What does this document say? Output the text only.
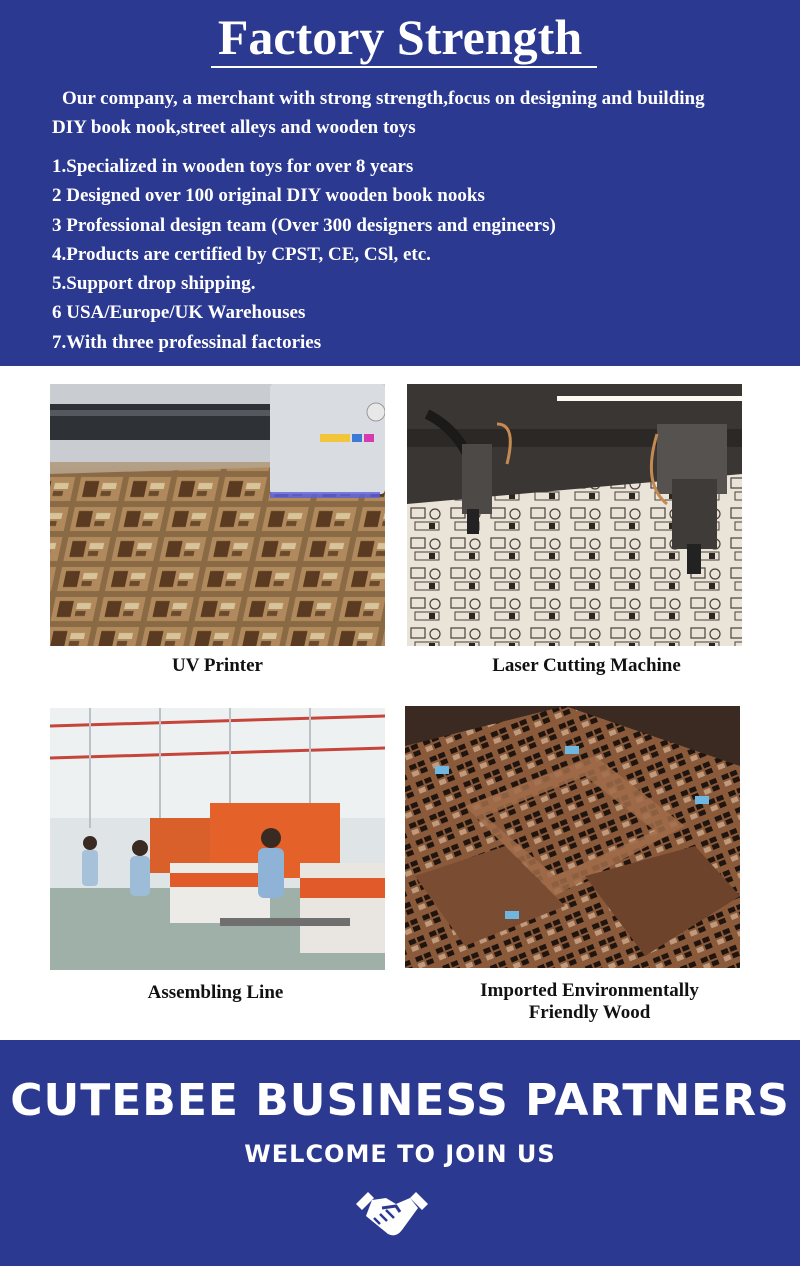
Factory Strength

Our company, a merchant with strong strength,focus on designing and building
DIY book nook,street alleys and wooden toys

1.Specialized in wooden toys for over 8 years
2 Designed over 100 original DIY wooden book nooks
3 Professional design team (Over 300 designers and engineers)
4.Products are certified by CPST, CE, CSl, etc.
5.Support drop shipping.
6 USA/Europe/UK Warehouses
7.With three professinal factories
UV Printer	Laser Cutting Machine
Assembling Line	Imported Environmentally
Friendly Wood
CUTEBEE BUSINESS PARTNERS
WELCOME TO JOIN US
